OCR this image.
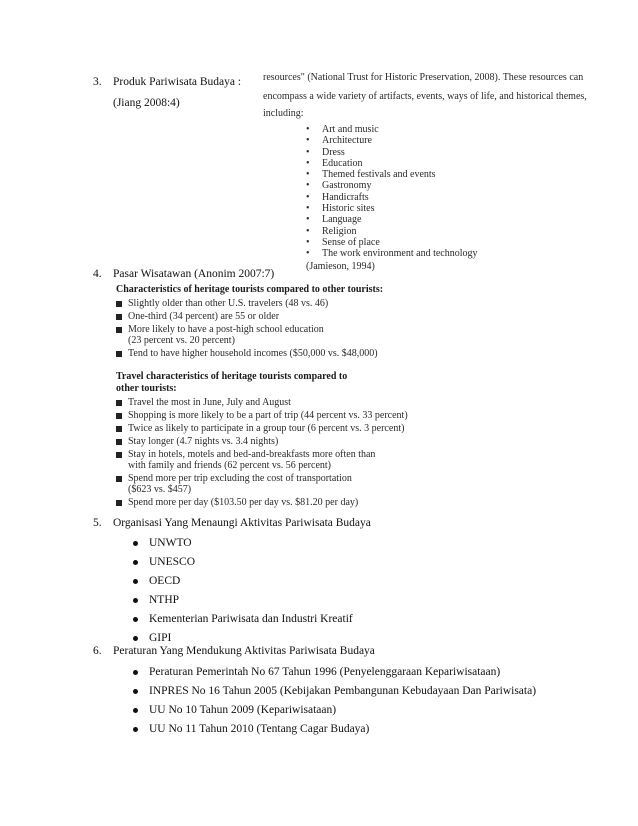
3. Produk Pariwisata Budaya :
(Jiang 2008:4)
resources" (National Trust for Historic Preservation, 2008). These resources can
encompass a wide variety of artifacts, events, ways of life, and historical themes,
including:
• Art and music
• Architecture
• Dress
• Education
• Themed festivals and events
• Gastronomy
• Handicrafts
• Historic sites
• Language
• Religion
• Sense of place
• The work environment and technology
(Jamieson, 1994)
4. Pasar Wisatawan (Anonim 2007:7)
Characteristics of heritage tourists compared to other tourists:
Slightly older than other U.S. travelers (48 vs. 46)
One-third (34 percent) are 55 or older
More likely to have a post-high school education
(23 percent vs. 20 percent)
Tend to have higher household incomes ($50,000 vs. $48,000)
Travel characteristics of heritage tourists compared to
other tourists:
Travel the most in June, July and August
Shopping is more likely to be a part of trip (44 percent vs. 33 percent)
Twice as likely to participate in a group tour (6 percent vs. 3 percent)
Stay longer (4.7 nights vs. 3.4 nights)
Stay in hotels, motels and bed-and-breakfasts more often than
with family and friends (62 percent vs. 56 percent)
Spend more per trip excluding the cost of transportation
($623 vs. $457)
Spend more per day ($103.50 per day vs. $81.20 per day)
5. Organisasi Yang Menaungi Aktivitas Pariwisata Budaya
UNWTO
UNESCO
OECD
NTHP
Kementerian Pariwisata dan Industri Kreatif
GIPI
6. Peraturan Yang Mendukung Aktivitas Pariwisata Budaya
Peraturan Pemerintah No 67 Tahun 1996 (Penyelenggaraan Kepariwisataan)
INPRES No 16 Tahun 2005 (Kebijakan Pembangunan Kebudayaan Dan Pariwisata)
UU No 10 Tahun 2009 (Kepariwisataan)
UU No 11 Tahun 2010 (Tentang Cagar Budaya)
